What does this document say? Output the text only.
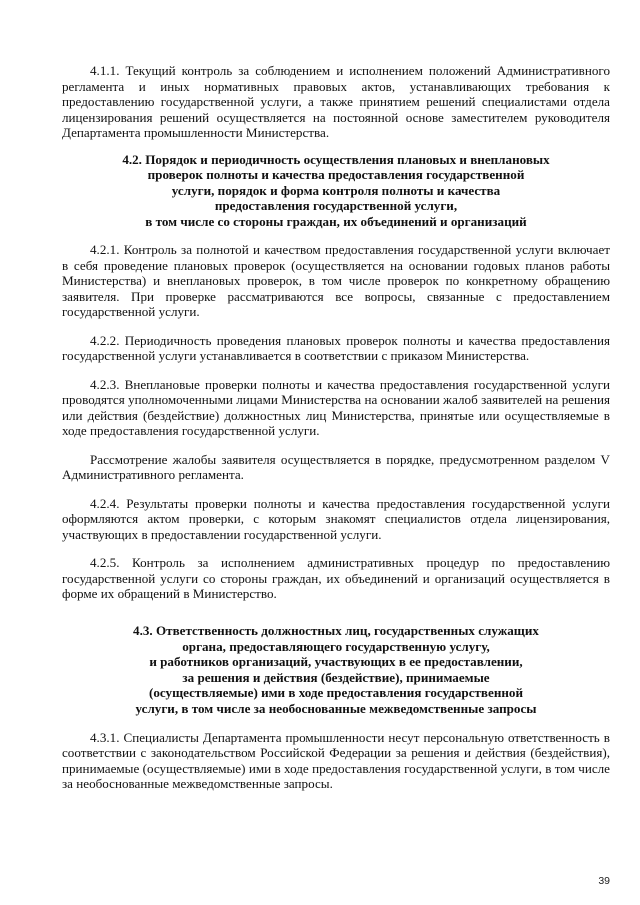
4.1.1. Текущий контроль за соблюдением и исполнением положений Административного регламента и иных нормативных правовых актов, устанавливающих требования к предоставлению государственной услуги, а также принятием решений специалистами отдела лицензирования решений осуществляется на постоянной основе заместителем руководителя Департамента промышленности Министерства.

4.2. Порядок и периодичность осуществления плановых и внеплановых
проверок полноты и качества предоставления государственной
услуги, порядок и форма контроля полноты и качества
предоставления государственной услуги,
в том числе со стороны граждан, их объединений и организаций

4.2.1. Контроль за полнотой и качеством предоставления государственной услуги включает в себя проведение плановых проверок (осуществляется на основании годовых планов работы Министерства) и внеплановых проверок, в том числе проверок по конкретному обращению заявителя. При проверке рассматриваются все вопросы, связанные с предоставлением государственной услуги.

4.2.2. Периодичность проведения плановых проверок полноты и качества предоставления государственной услуги устанавливается в соответствии с приказом Министерства.

4.2.3. Внеплановые проверки полноты и качества предоставления государственной услуги проводятся уполномоченными лицами Министерства на основании жалоб заявителей на решения или действия (бездействие) должностных лиц Министерства, принятые или осуществляемые в ходе предоставления государственной услуги.

Рассмотрение жалобы заявителя осуществляется в порядке, предусмотренном разделом V Административного регламента.

4.2.4. Результаты проверки полноты и качества предоставления государственной услуги оформляются актом проверки, с которым знакомят специалистов отдела лицензирования, участвующих в предоставлении государственной услуги.

4.2.5. Контроль за исполнением административных процедур по предоставлению государственной услуги со стороны граждан, их объединений и организаций осуществляется в форме их обращений в Министерство.

4.3. Ответственность должностных лиц, государственных служащих
органа, предоставляющего государственную услугу,
и работников организаций, участвующих в ее предоставлении,
за решения и действия (бездействие), принимаемые
(осуществляемые) ими в ходе предоставления государственной
услуги, в том числе за необоснованные межведомственные запросы

4.3.1. Специалисты Департамента промышленности несут персональную ответственность в соответствии с законодательством Российской Федерации за решения и действия (бездействия), принимаемые (осуществляемые) ими в ходе предоставления государственной услуги, в том числе за необоснованные межведомственные запросы.

39
